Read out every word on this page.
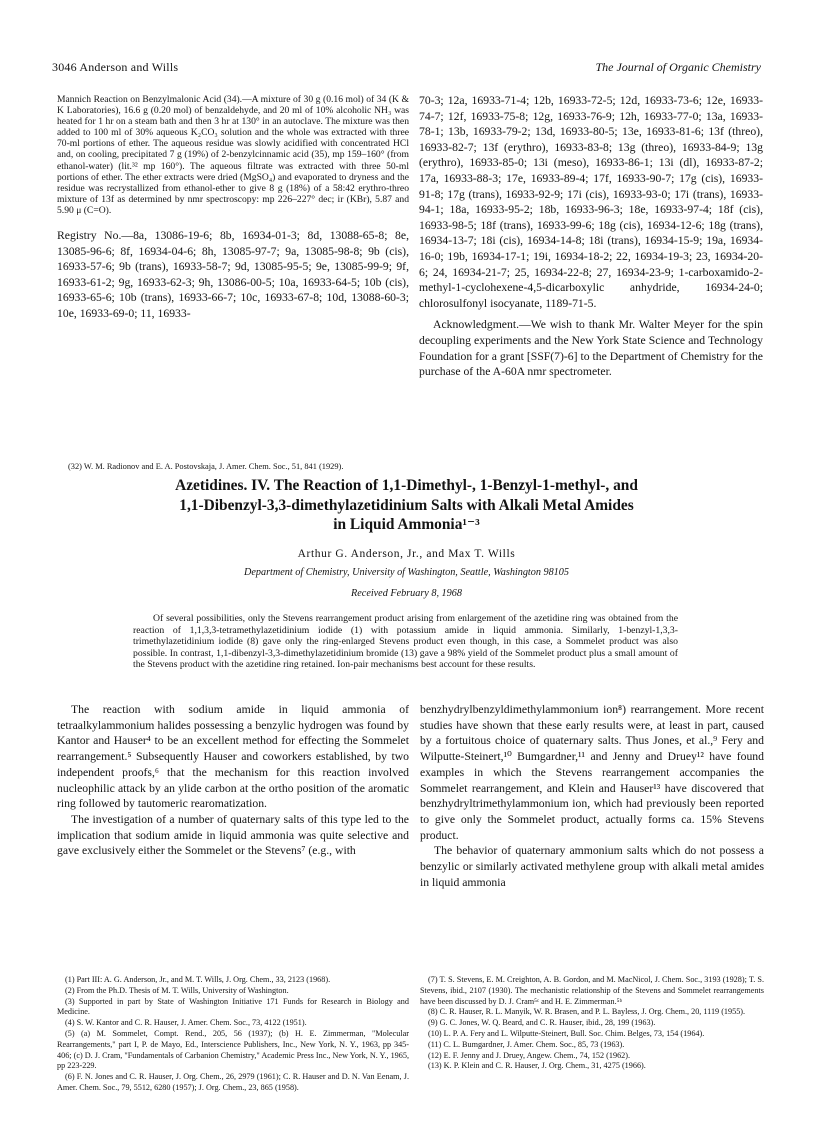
3046 Anderson and Wills	The Journal of Organic Chemistry

Mannich Reaction on Benzylmalonic Acid (34).—A mixture of 30 g (0.16 mol) of 34 (K & K Laboratories), 16.6 g (0.20 mol) of benzaldehyde, and 20 ml of 10% alcoholic NH₃ was heated for 1 hr on a steam bath and then 3 hr at 130° in an autoclave. The mixture was then added to 100 ml of 30% aqueous K₂CO₃ solution and the whole was extracted with three 70-ml portions of ether. The aqueous residue was slowly acidified with concentrated HCl and, on cooling, precipitated 7 g (19%) of 2-benzylcinnamic acid (35), mp 159–160° (from ethanol-water) (lit.³² mp 160°). The aqueous filtrate was extracted with three 50-ml portions of ether. The ether extracts were dried (MgSO₄) and evaporated to dryness and the residue was recrystallized from ethanol-ether to give 8 g (18%) of a 58:42 erythro-threo mixture of 13f as determined by nmr spectroscopy: mp 226–227° dec; ir (KBr), 5.87 and 5.90 μ (C=O).

Registry No.—8a, 13086-19-6; 8b, 16934-01-3; 8d, 13088-65-8; 8e, 13085-96-6; 8f, 16934-04-6; 8h, 13085-97-7; 9a, 13085-98-8; 9b (cis), 16933-57-6; 9b (trans), 16933-58-7; 9d, 13085-95-5; 9e, 13085-99-9; 9f, 16933-61-2; 9g, 16933-62-3; 9h, 13086-00-5; 10a, 16933-64-5; 10b (cis), 16933-65-6; 10b (trans), 16933-66-7; 10c, 16933-67-8; 10d, 13088-60-3; 10e, 16933-69-0; 11, 16933-

(32) W. M. Radionov and E. A. Postovskaja, J. Amer. Chem. Soc., 51, 841 (1929).

70-3; 12a, 16933-71-4; 12b, 16933-72-5; 12d, 16933-73-6; 12e, 16933-74-7; 12f, 16933-75-8; 12g, 16933-76-9; 12h, 16933-77-0; 13a, 16933-78-1; 13b, 16933-79-2; 13d, 16933-80-5; 13e, 16933-81-6; 13f (threo), 16933-82-7; 13f (erythro), 16933-83-8; 13g (threo), 16933-84-9; 13g (erythro), 16933-85-0; 13i (meso), 16933-86-1; 13i (dl), 16933-87-2; 17a, 16933-88-3; 17e, 16933-89-4; 17f, 16933-90-7; 17g (cis), 16933-91-8; 17g (trans), 16933-92-9; 17i (cis), 16933-93-0; 17i (trans), 16933-94-1; 18a, 16933-95-2; 18b, 16933-96-3; 18e, 16933-97-4; 18f (cis), 16933-98-5; 18f (trans), 16933-99-6; 18g (cis), 16934-12-6; 18g (trans), 16934-13-7; 18i (cis), 16934-14-8; 18i (trans), 16934-15-9; 19a, 16934-16-0; 19b, 16934-17-1; 19i, 16934-18-2; 22, 16934-19-3; 23, 16934-20-6; 24, 16934-21-7; 25, 16934-22-8; 27, 16934-23-9; 1-carboxamido-2-methyl-1-cyclohexene-4,5-dicarboxylic anhydride, 16934-24-0; chlorosulfonyl isocyanate, 1189-71-5.

Acknowledgment.—We wish to thank Mr. Walter Meyer for the spin decoupling experiments and the New York State Science and Technology Foundation for a grant [SSF(7)-6] to the Department of Chemistry for the purchase of the A-60A nmr spectrometer.

Azetidines. IV. The Reaction of 1,1-Dimethyl-, 1-Benzyl-1-methyl-, and
1,1-Dibenzyl-3,3-dimethylazetidinium Salts with Alkali Metal Amides
in Liquid Ammonia¹⁻³
Arthur G. Anderson, Jr., and Max T. Wills
Department of Chemistry, University of Washington, Seattle, Washington 98105
Received February 8, 1968
Of several possibilities, only the Stevens rearrangement product arising from enlargement of the azetidine ring was obtained from the reaction of 1,1,3,3-tetramethylazetidinium iodide (1) with potassium amide in liquid ammonia. Similarly, 1-benzyl-1,3,3-trimethylazetidinium iodide (8) gave only the ring-enlarged Stevens product even though, in this case, a Sommelet product was also possible. In contrast, 1,1-dibenzyl-3,3-dimethylazetidinium bromide (13) gave a 98% yield of the Sommelet product plus a small amount of the Stevens product with the azetidine ring retained. Ion-pair mechanisms best account for these results.

The reaction with sodium amide in liquid ammonia of tetraalkylammonium halides possessing a benzylic hydrogen was found by Kantor and Hauser⁴ to be an excellent method for effecting the Sommelet rearrangement.⁵ Subsequently Hauser and coworkers established, by two independent proofs,⁶ that the mechanism for this reaction involved nucleophilic attack by an ylide carbon at the ortho position of the aromatic ring followed by tautomeric rearomatization.

The investigation of a number of quaternary salts of this type led to the implication that sodium amide in liquid ammonia was quite selective and gave exclusively either the Sommelet or the Stevens⁷ (e.g., with

benzhydrylbenzyldimethylammonium ion⁸) rearrangement. More recent studies have shown that these early results were, at least in part, caused by a fortuitous choice of quaternary salts. Thus Jones, et al.,⁹ Fery and Wilputte-Steinert,¹⁰ Bumgardner,¹¹ and Jenny and Druey¹² have found examples in which the Stevens rearrangement accompanies the Sommelet rearrangement, and Klein and Hauser¹³ have discovered that benzhydryltrimethylammonium ion, which had previously been reported to give only the Sommelet product, actually forms ca. 15% Stevens product.

The behavior of quaternary ammonium salts which do not possess a benzylic or similarly activated methylene group with alkali metal amides in liquid ammonia

(1) Part III: A. G. Anderson, Jr., and M. T. Wills, J. Org. Chem., 33, 2123 (1968).
(2) From the Ph.D. Thesis of M. T. Wills, University of Washington.
(3) Supported in part by State of Washington Initiative 171 Funds for Research in Biology and Medicine.
(4) S. W. Kantor and C. R. Hauser, J. Amer. Chem. Soc., 73, 4122 (1951).
(5) (a) M. Sommelet, Compt. Rend., 205, 56 (1937); (b) H. E. Zimmerman, "Molecular Rearrangements," part I, P. de Mayo, Ed., Interscience Publishers, Inc., New York, N. Y., 1963, pp 345-406; (c) D. J. Cram, "Fundamentals of Carbanion Chemistry," Academic Press Inc., New York, N. Y., 1965, pp 223-229.
(6) F. N. Jones and C. R. Hauser, J. Org. Chem., 26, 2979 (1961); C. R. Hauser and D. N. Van Eenam, J. Amer. Chem. Soc., 79, 5512, 6280 (1957); J. Org. Chem., 23, 865 (1958).
(7) T. S. Stevens, E. M. Creighton, A. B. Gordon, and M. MacNicol, J. Chem. Soc., 3193 (1928); T. S. Stevens, ibid., 2107 (1930). The mechanistic relationship of the Stevens and Sommelet rearrangements have been discussed by D. J. Cram⁵ᶜ and H. E. Zimmerman.⁵ᵇ
(8) C. R. Hauser, R. L. Manyik, W. R. Brasen, and P. L. Bayless, J. Org. Chem., 20, 1119 (1955).
(9) G. C. Jones, W. Q. Beard, and C. R. Hauser, ibid., 28, 199 (1963).
(10) L. P. A. Fery and L. Wilputte-Steinert, Bull. Soc. Chim. Belges, 73, 154 (1964).
(11) C. L. Bumgardner, J. Amer. Chem. Soc., 85, 73 (1963).
(12) E. F. Jenny and J. Druey, Angew. Chem., 74, 152 (1962).
(13) K. P. Klein and C. R. Hauser, J. Org. Chem., 31, 4275 (1966).
